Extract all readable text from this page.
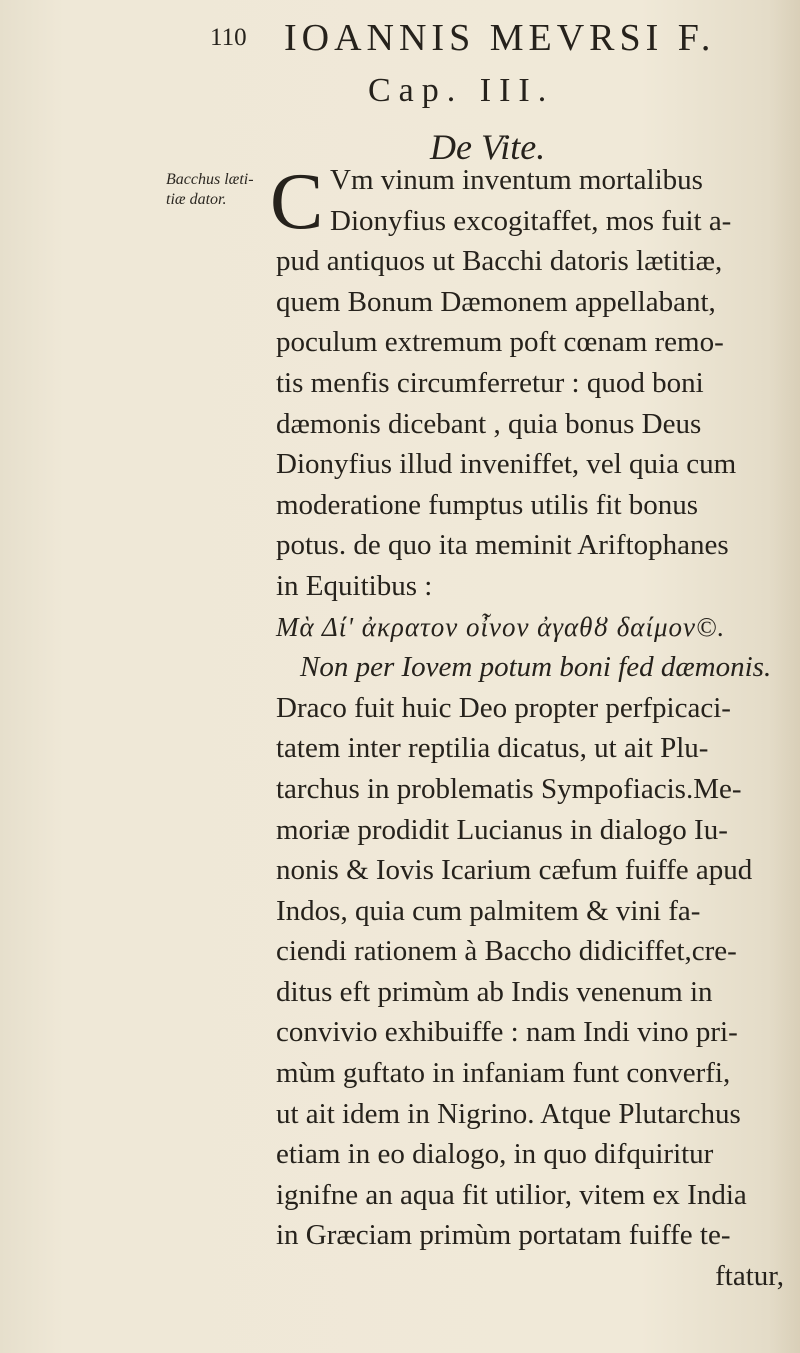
110 IOANNIS MEVRSI F.
Cap. III.
De Vite.
Bacchus læti-
tiæ dator. C Vm vinum inventum mortalibus
Dionyfius excogitaffet, mos fuit a-
pud antiquos ut Bacchi datoris lætitiæ,
quem Bonum Dæmonem appellabant,
poculum extremum poft cœnam remo-
tis menfis circumferretur : quod boni
dæmonis dicebant , quia bonus Deus
Dionyfius illud inveniffet, vel quia cum
moderatione fumptus utilis fit bonus
potus. de quo ita meminit Ariftophanes
in Equitibus :
Μὰ Δί' ἀκρατον οἶνον ἀγαθȣ δαίμον©.
Non per Iovem potum boni fed dæmonis.
Draco fuit huic Deo propter perfpicaci-
tatem inter reptilia dicatus, ut ait Plu-
tarchus in problematis Sympofiacis.Me-
moriæ prodidit Lucianus in dialogo Iu-
nonis & Iovis Icarium cæfum fuiffe apud
Indos, quia cum palmitem & vini fa-
ciendi rationem à Baccho didiciffet,cre-
ditus eft primùm ab Indis venenum in
convivio exhibuiffe : nam Indi vino pri-
mùm guftato in infaniam funt converfi,
ut ait idem in Nigrino. Atque Plutarchus
etiam in eo dialogo, in quo difquiritur
ignifne an aqua fit utilior, vitem ex India
in Græciam primùm portatam fuiffe te-
ftatur,
